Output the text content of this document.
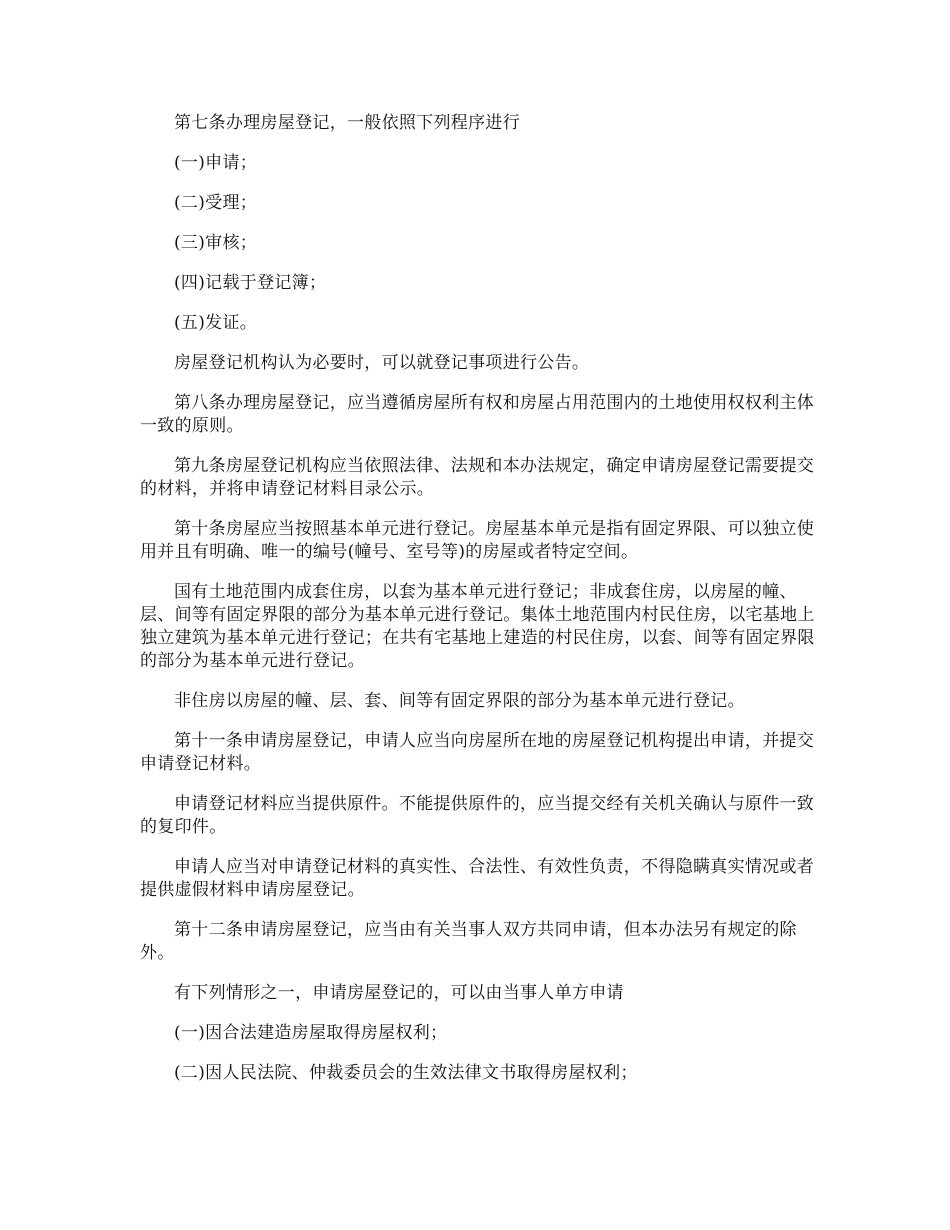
第七条办理房屋登记，一般依照下列程序进行

(一)申请；

(二)受理；

(三)审核；

(四)记载于登记簿；

(五)发证。

房屋登记机构认为必要时，可以就登记事项进行公告。

第八条办理房屋登记，应当遵循房屋所有权和房屋占用范围内的土地使用权权利主体一致的原则。

第九条房屋登记机构应当依照法律、法规和本办法规定，确定申请房屋登记需要提交的材料，并将申请登记材料目录公示。

第十条房屋应当按照基本单元进行登记。房屋基本单元是指有固定界限、可以独立使用并且有明确、唯一的编号(幢号、室号等)的房屋或者特定空间。

国有土地范围内成套住房，以套为基本单元进行登记；非成套住房，以房屋的幢、层、间等有固定界限的部分为基本单元进行登记。集体土地范围内村民住房，以宅基地上独立建筑为基本单元进行登记；在共有宅基地上建造的村民住房，以套、间等有固定界限的部分为基本单元进行登记。

非住房以房屋的幢、层、套、间等有固定界限的部分为基本单元进行登记。

第十一条申请房屋登记，申请人应当向房屋所在地的房屋登记机构提出申请，并提交申请登记材料。

申请登记材料应当提供原件。不能提供原件的，应当提交经有关机关确认与原件一致的复印件。

申请人应当对申请登记材料的真实性、合法性、有效性负责，不得隐瞒真实情况或者提供虚假材料申请房屋登记。

第十二条申请房屋登记，应当由有关当事人双方共同申请，但本办法另有规定的除外。

有下列情形之一，申请房屋登记的，可以由当事人单方申请

(一)因合法建造房屋取得房屋权利；

(二)因人民法院、仲裁委员会的生效法律文书取得房屋权利；
